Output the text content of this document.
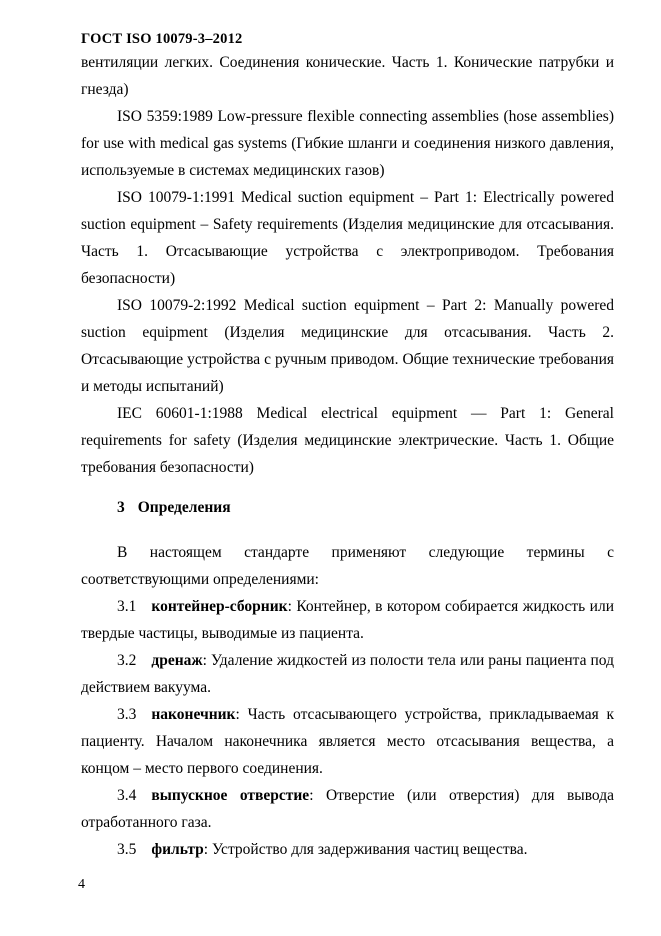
ГОСТ ISO 10079-3–2012

вентиляции легких. Соединения конические. Часть 1. Конические патрубки и гнезда)

ISO 5359:1989 Low-pressure flexible connecting assemblies (hose assemblies) for use with medical gas systems (Гибкие шланги и соединения низкого давления, используемые в системах медицинских газов)

ISO 10079-1:1991 Medical suction equipment – Part 1: Electrically powered suction equipment – Safety requirements (Изделия медицинские для отсасывания. Часть 1. Отсасывающие устройства с электроприводом. Требования безопасности)

ISO 10079-2:1992 Medical suction equipment – Part 2: Manually powered suction equipment (Изделия медицинские для отсасывания. Часть 2. Отсасывающие устройства с ручным приводом. Общие технические требования и методы испытаний)

IEC 60601-1:1988 Medical electrical equipment — Part 1: General requirements for safety (Изделия медицинские электрические. Часть 1. Общие требования безопасности)

3 Определения

В настоящем стандарте применяют следующие термины с соответствующими определениями:

3.1 контейнер-сборник: Контейнер, в котором собирается жидкость или твердые частицы, выводимые из пациента.

3.2 дренаж: Удаление жидкостей из полости тела или раны пациента под действием вакуума.

3.3 наконечник: Часть отсасывающего устройства, прикладываемая к пациенту. Началом наконечника является место отсасывания вещества, а концом – место первого соединения.

3.4 выпускное отверстие: Отверстие (или отверстия) для вывода отработанного газа.

3.5 фильтр: Устройство для задерживания частиц вещества.

4
